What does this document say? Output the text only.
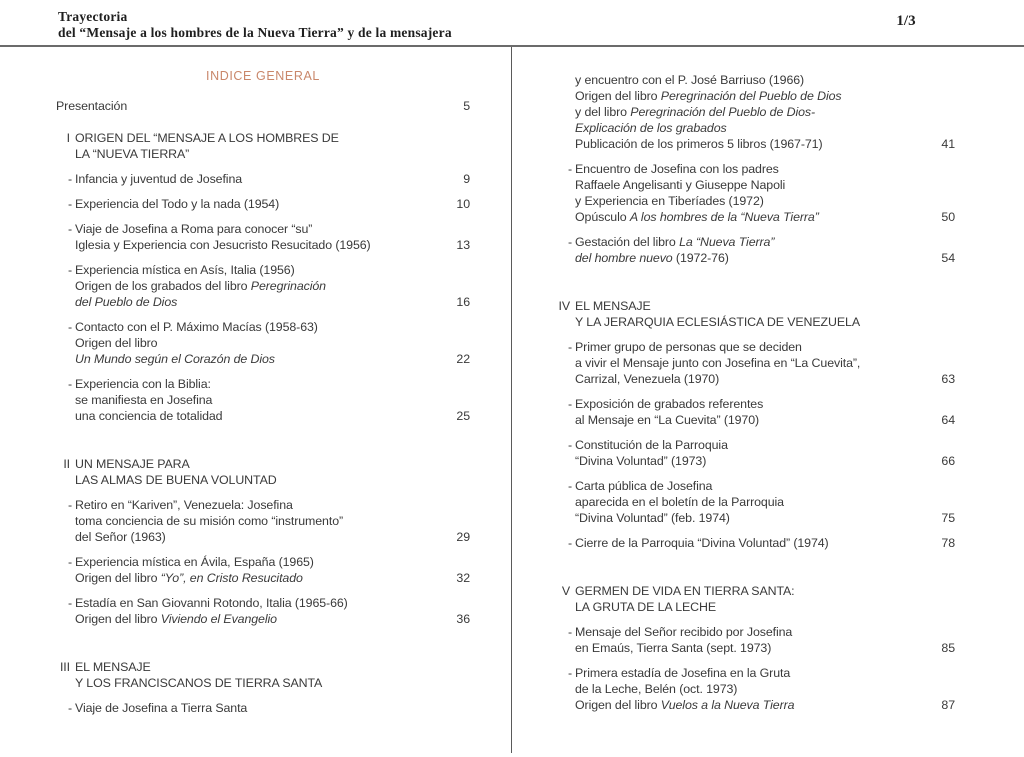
Trayectoria
del “Mensaje a los hombres de la Nueva Tierra” y de la mensajera
1/3
INDICE GENERAL
Presentación	5
I ORIGEN DEL “MENSAJE A LOS HOMBRES DE
LA “NUEVA TIERRA”
- Infancia y juventud de Josefina	9
- Experiencia del Todo y la nada (1954)	10
- Viaje de Josefina a Roma para conocer “su”
Iglesia y Experiencia con Jesucristo Resucitado (1956)	13
- Experiencia mística en Asís, Italia (1956)
Origen de los grabados del libro Peregrinación
del Pueblo de Dios	16
- Contacto con el P. Máximo Macías (1958-63)
Origen del libro
Un Mundo según el Corazón de Dios	22
- Experiencia con la Biblia:
se manifiesta en Josefina
una conciencia de totalidad	25
II UN MENSAJE PARA
LAS ALMAS DE BUENA VOLUNTAD
- Retiro en “Kariven”, Venezuela: Josefina
toma conciencia de su misión como “instrumento”
del Señor (1963)	29
- Experiencia mística en Ávila, España (1965)
Origen del libro “Yo”, en Cristo Resucitado	32
- Estadía en San Giovanni Rotondo, Italia (1965-66)
Origen del libro Viviendo el Evangelio	36
III EL MENSAJE
Y LOS FRANCISCANOS DE TIERRA SANTA
- Viaje de Josefina a Tierra Santa
y encuentro con el P. José Barriuso (1966)
Origen del libro Peregrinación del Pueblo de Dios
y del libro Peregrinación del Pueblo de Dios-
Explicación de los grabados
Publicación de los primeros 5 libros (1967-71)	41
- Encuentro de Josefina con los padres
Raffaele Angelisanti y Giuseppe Napoli
y Experiencia en Tiberíades (1972)
Opúsculo A los hombres de la “Nueva Tierra”	50
- Gestación del libro La “Nueva Tierra”
del hombre nuevo (1972-76)	54
IV EL MENSAJE
Y LA JERARQUIA ECLESIÁSTICA DE VENEZUELA
- Primer grupo de personas que se deciden
a vivir el Mensaje junto con Josefina en “La Cuevita”,
Carrizal, Venezuela (1970)	63
- Exposición de grabados referentes
al Mensaje en “La Cuevita” (1970)	64
- Constitución de la Parroquia
“Divina Voluntad” (1973)	66
- Carta pública de Josefina
aparecida en el boletín de la Parroquia
“Divina Voluntad” (feb. 1974)	75
- Cierre de la Parroquia “Divina Voluntad” (1974)	78
V GERMEN DE VIDA EN TIERRA SANTA:
LA GRUTA DE LA LECHE
- Mensaje del Señor recibido por Josefina
en Emaús, Tierra Santa (sept. 1973)	85
- Primera estadía de Josefina en la Gruta
de la Leche, Belén (oct. 1973)
Origen del libro Vuelos a la Nueva Tierra	87
